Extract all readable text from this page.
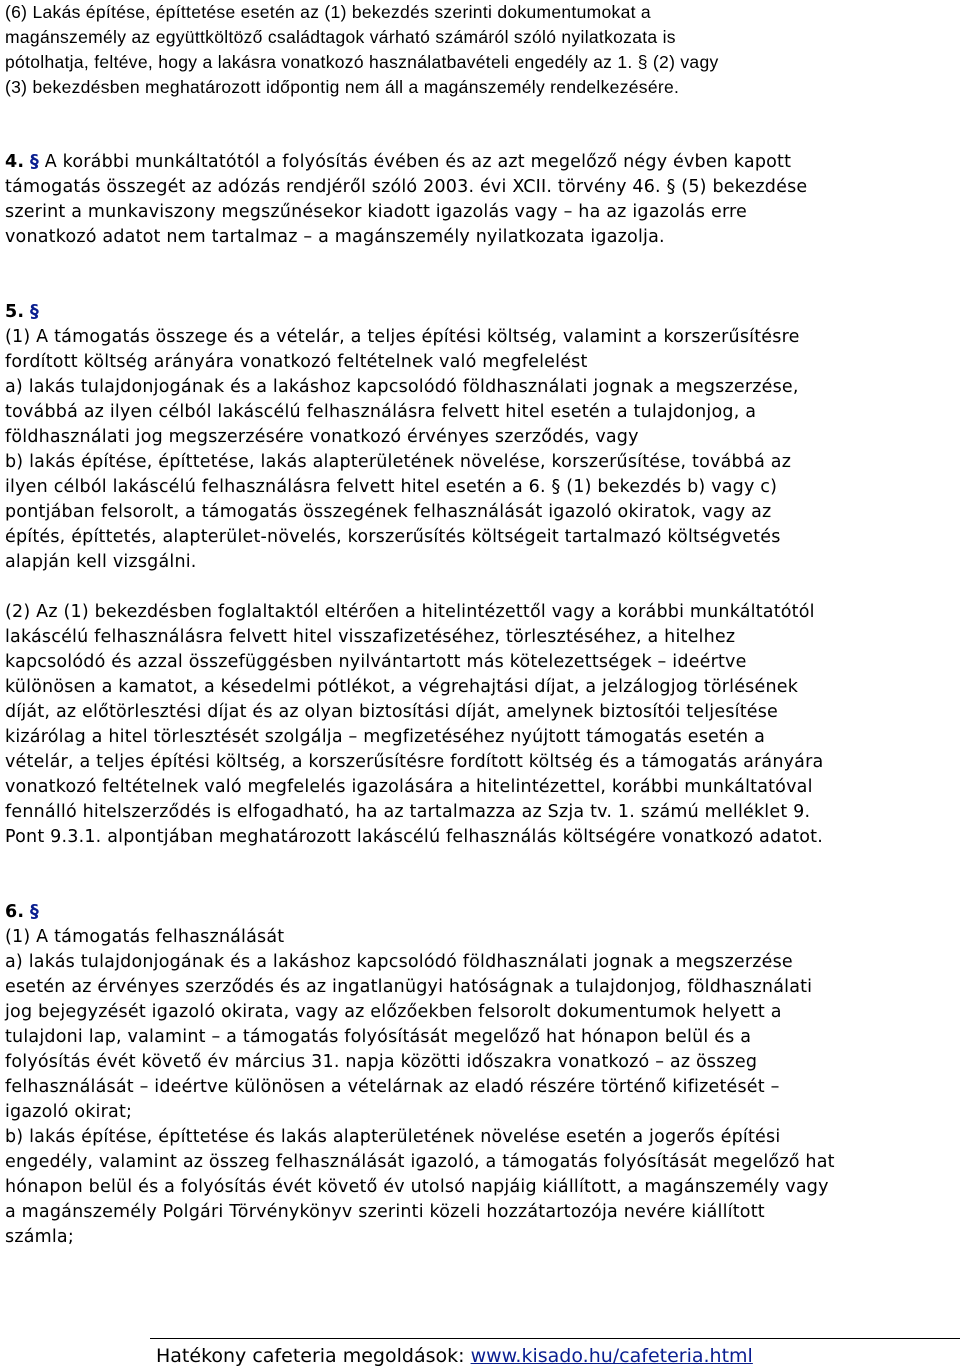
(6) Lakás építése, építtetése esetén az (1) bekezdés szerinti dokumentumokat a
magánszemély az együttköltöző családtagok várható számáról szóló nyilatkozata is
pótolhatja, feltéve, hogy a lakásra vonatkozó használatbavételi engedély az 1. § (2) vagy
(3) bekezdésben meghatározott időpontig nem áll a magánszemély rendelkezésére.
4. § A korábbi munkáltatótól a folyósítás évében és az azt megelőző négy évben kapott
támogatás összegét az adózás rendjéről szóló 2003. évi XCII. törvény 46. § (5) bekezdése
szerint a munkaviszony megszűnésekor kiadott igazolás vagy – ha az igazolás erre
vonatkozó adatot nem tartalmaz – a magánszemély nyilatkozata igazolja.
5. §
(1) A támogatás összege és a vételár, a teljes építési költség, valamint a korszerűsítésre
fordított költség arányára vonatkozó feltételnek való megfelelést
a) lakás tulajdonjogának és a lakáshoz kapcsolódó földhasználati jognak a megszerzése,
továbbá az ilyen célból lakáscélú felhasználásra felvett hitel esetén a tulajdonjog, a
földhasználati jog megszerzésére vonatkozó érvényes szerződés, vagy
b) lakás építése, építtetése, lakás alapterületének növelése, korszerűsítése, továbbá az
ilyen célból lakáscélú felhasználásra felvett hitel esetén a 6. § (1) bekezdés b) vagy c)
pontjában felsorolt, a támogatás összegének felhasználását igazoló okiratok, vagy az
építés, építtetés, alapterület-növelés, korszerűsítés költségeit tartalmazó költségvetés
alapján kell vizsgálni.
(2) Az (1) bekezdésben foglaltaktól eltérően a hitelintézettől vagy a korábbi munkáltatótól
lakáscélú felhasználásra felvett hitel visszafizetéséhez, törlesztéséhez, a hitelhez
kapcsolódó és azzal összefüggésben nyilvántartott más kötelezettségek – ideértve
különösen a kamatot, a késedelmi pótlékot, a végrehajtási díjat, a jelzálogjog törlésének
díját, az előtörlesztési díjat és az olyan biztosítási díját, amelynek biztosítói teljesítése
kizárólag a hitel törlesztését szolgálja – megfizetéséhez nyújtott támogatás esetén a
vételár, a teljes építési költség, a korszerűsítésre fordított költség és a támogatás arányára
vonatkozó feltételnek való megfelelés igazolására a hitelintézettel, korábbi munkáltatóval
fennálló hitelszerződés is elfogadható, ha az tartalmazza az Szja tv. 1. számú melléklet 9.
Pont 9.3.1. alpontjában meghatározott lakáscélú felhasználás költségére vonatkozó adatot.
6. §
(1) A támogatás felhasználását
a) lakás tulajdonjogának és a lakáshoz kapcsolódó földhasználati jognak a megszerzése
esetén az érvényes szerződés és az ingatlanügyi hatóságnak a tulajdonjog, földhasználati
jog bejegyzését igazoló okirata, vagy az előzőekben felsorolt dokumentumok helyett a
tulajdoni lap, valamint – a támogatás folyósítását megelőző hat hónapon belül és a
folyósítás évét követő év március 31. napja közötti időszakra vonatkozó – az összeg
felhasználását – ideértve különösen a vételárnak az eladó részére történő kifizetését –
igazoló okirat;
b) lakás építése, építtetése és lakás alapterületének növelése esetén a jogerős építési
engedély, valamint az összeg felhasználását igazoló, a támogatás folyósítását megelőző hat
hónapon belül és a folyósítás évét követő év utolsó napjáig kiállított, a magánszemély vagy
a magánszemély Polgári Törvénykönyv szerinti közeli hozzátartozója nevére kiállított
számla;
Hatékony cafeteria megoldások: www.kisado.hu/cafeteria.html
